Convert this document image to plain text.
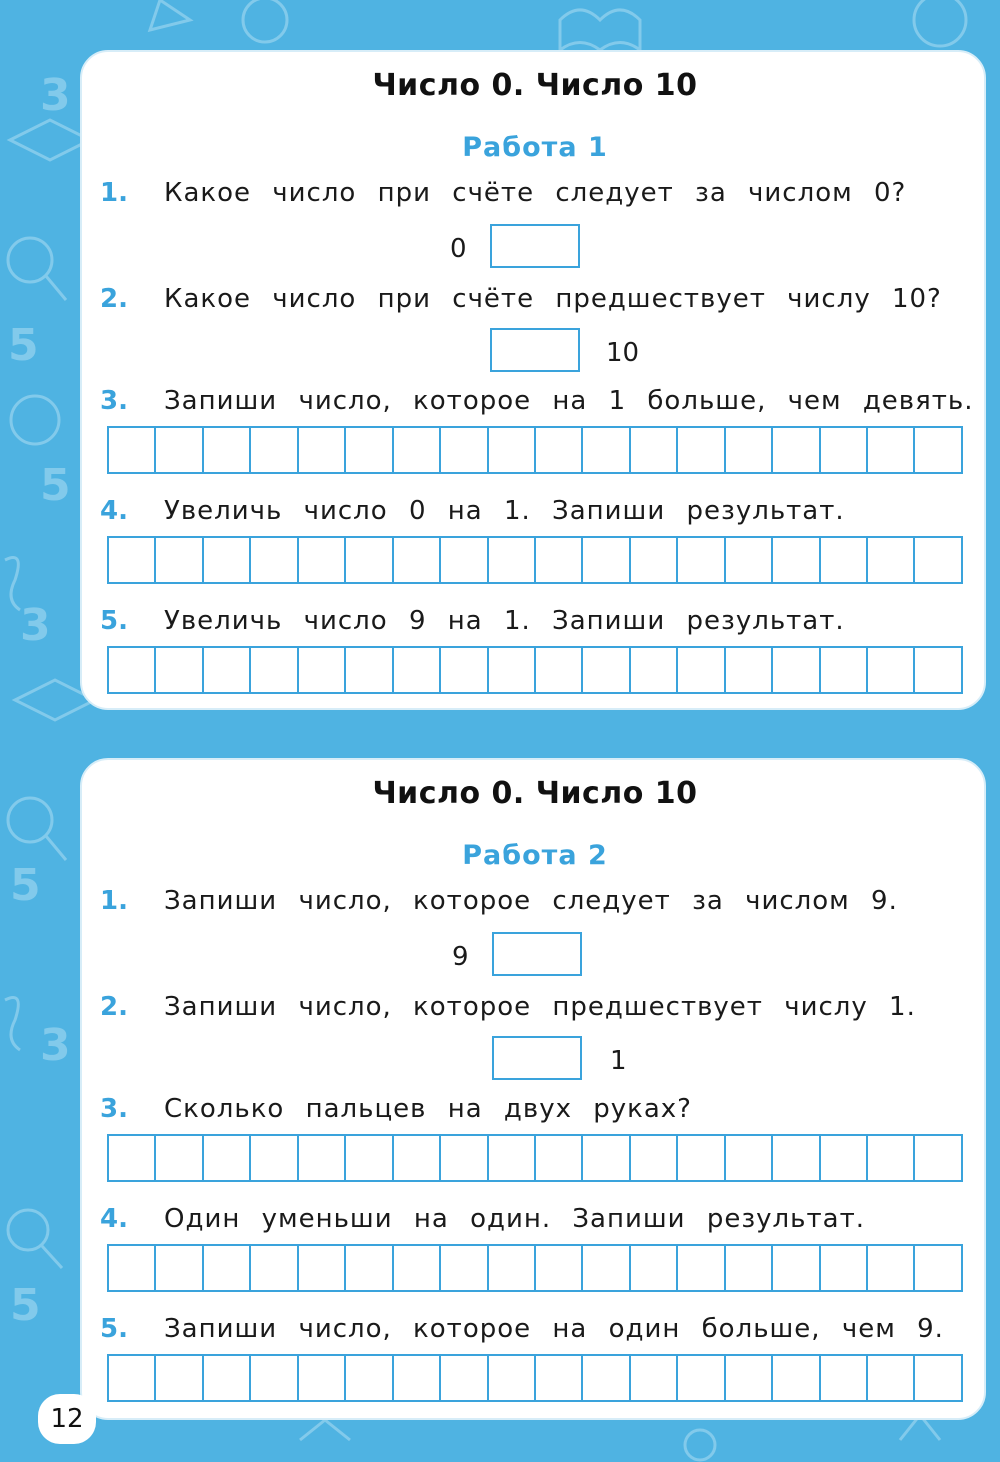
3
5
5
3
5
3
5
Число 0. Число 10
Работа 1
1. Какое число при счёте следует за числом 0?
0
2. Какое число при счёте предшествует числу 10?
10
3. Запиши число, которое на 1 больше, чем девять.
4. Увеличь число 0 на 1. Запиши результат.
5. Увеличь число 9 на 1. Запиши результат.
Число 0. Число 10
Работа 2
1. Запиши число, которое следует за числом 9.
9
2. Запиши число, которое предшествует числу 1.
1
3. Сколько пальцев на двух руках?
4. Один уменьши на один. Запиши результат.
5. Запиши число, которое на один больше, чем 9.
12
